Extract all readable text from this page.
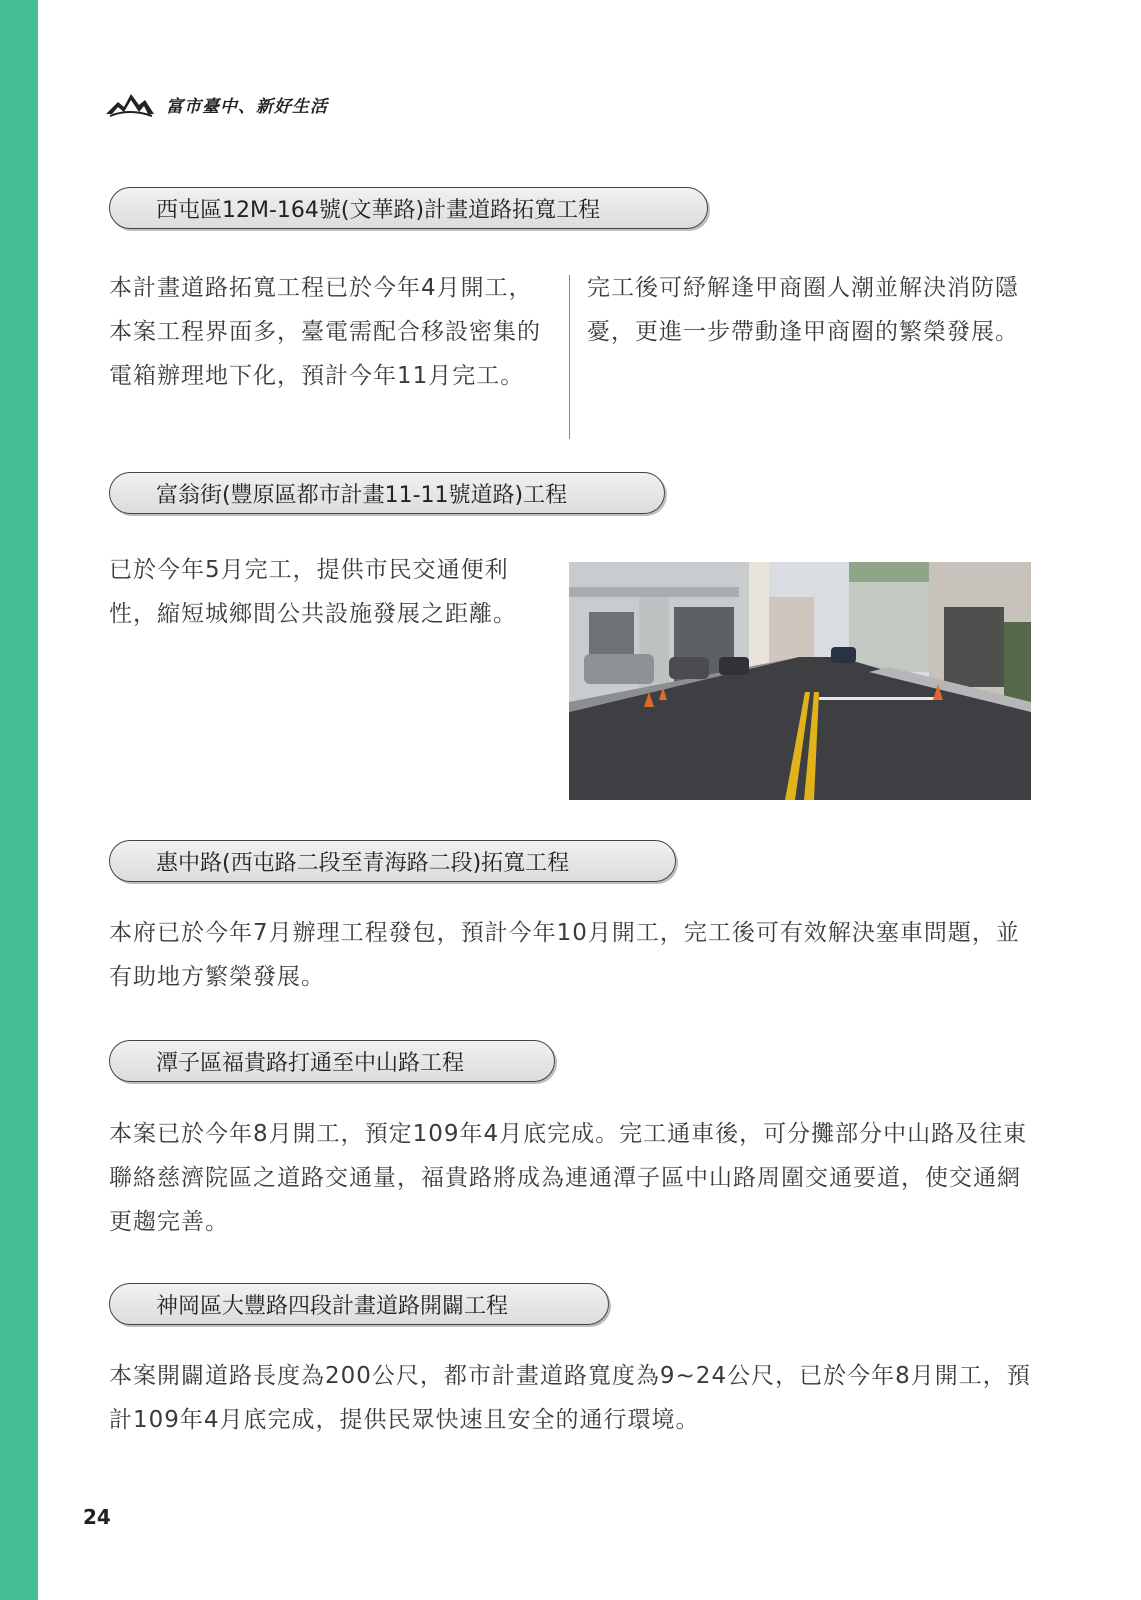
富市臺中、新好生活
西屯區12M-164號(文華路)計畫道路拓寬工程

本計畫道路拓寬工程已於今年4月開工，本案工程界面多，臺電需配合移設密集的電箱辦理地下化，預計今年11月完工。

完工後可紓解逢甲商圈人潮並解決消防隱憂，更進一步帶動逢甲商圈的繁榮發展。

富翁街(豐原區都市計畫11-11號道路)工程

已於今年5月完工，提供市民交通便利性，縮短城鄉間公共設施發展之距離。

惠中路(西屯路二段至青海路二段)拓寬工程

本府已於今年7月辦理工程發包，預計今年10月開工，完工後可有效解決塞車問題，並有助地方繁榮發展。

潭子區福貴路打通至中山路工程

本案已於今年8月開工，預定109年4月底完成。完工通車後，可分攤部分中山路及往東聯絡慈濟院區之道路交通量，福貴路將成為連通潭子區中山路周圍交通要道，使交通網更趨完善。

神岡區大豐路四段計畫道路開闢工程

本案開闢道路長度為200公尺，都市計畫道路寬度為9~24公尺，已於今年8月開工，預計109年4月底完成，提供民眾快速且安全的通行環境。

24
